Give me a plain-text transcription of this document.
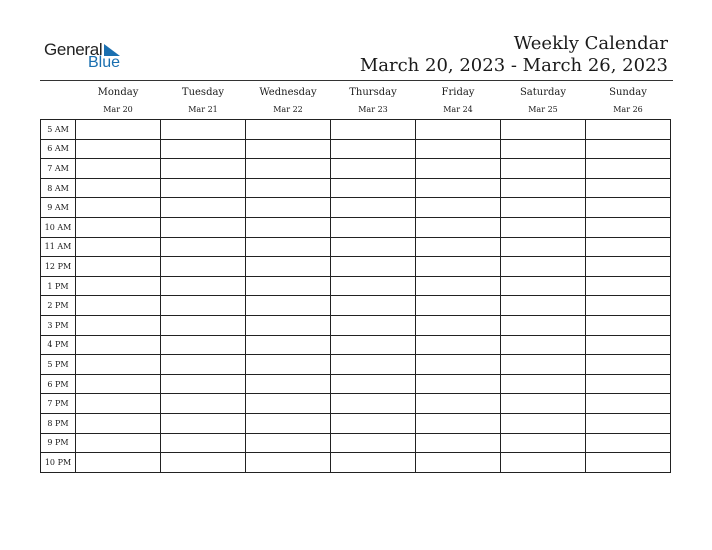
General
Blue
Weekly Calendar
March 20, 2023 - March 26, 2023
	Monday	Tuesday	Wednesday	Thursday	Friday	Saturday	Sunday
	Mar 20	Mar 21	Mar 22	Mar 23	Mar 24	Mar 25	Mar 26
5 AM							
6 AM							
7 AM							
8 AM							
9 AM							
10 AM							
11 AM							
12 PM							
1 PM							
2 PM							
3 PM							
4 PM							
5 PM							
6 PM							
7 PM							
8 PM							
9 PM							
10 PM							
